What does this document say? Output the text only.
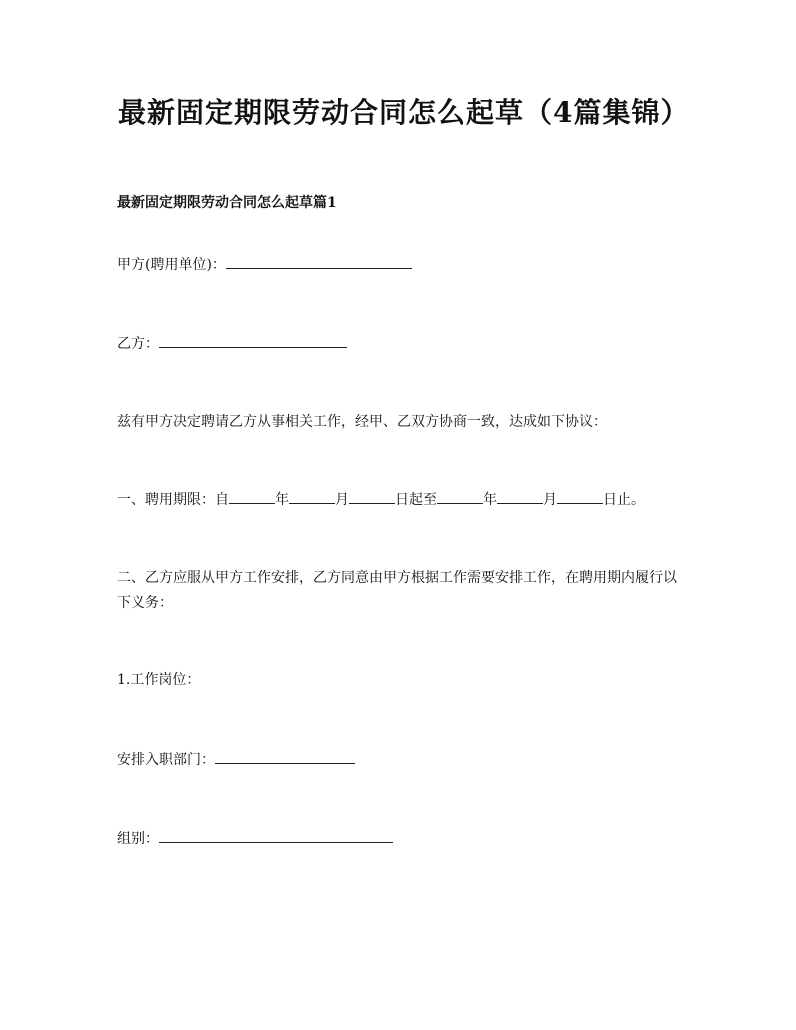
最新固定期限劳动合同怎么起草（4篇集锦）
最新固定期限劳动合同怎么起草篇1
甲方(聘用单位)：
乙方：
兹有甲方决定聘请乙方从事相关工作，经甲、乙双方协商一致，达成如下协议：
一、聘用期限：自	年	月	日起至	年	月	日止。
二、乙方应服从甲方工作安排，乙方同意由甲方根据工作需要安排工作，在聘用期内履行以下义务：
1.工作岗位：
安排入职部门：
组别：
